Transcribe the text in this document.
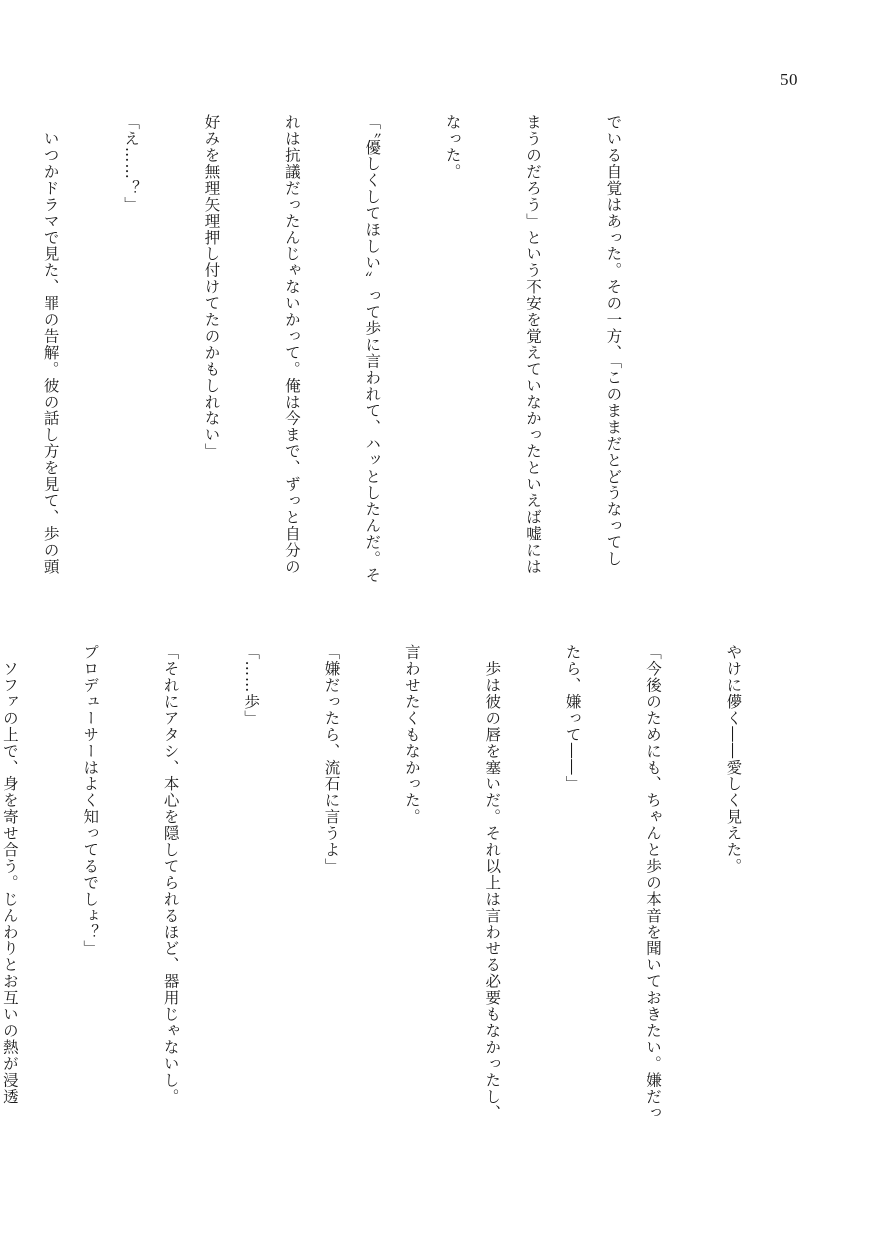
50

でいる自覚はあった。その一方、「このままだとどうなってし

まうのだろう」という不安を覚えていなかったといえば嘘には

なった。

「〝優しくしてほしい〟って歩に言われて、ハッとしたんだ。そ

れは抗議だったんじゃないかって。俺は今まで、ずっと自分の

好みを無理矢理押し付けてたのかもしれない」

「え……？」

　いつかドラマで見た、罪の告解。彼の話し方を見て、歩の頭

やけに儚く――愛しく見えた。

「今後のためにも、ちゃんと歩の本音を聞いておきたい。嫌だっ

たら、嫌って――」

　歩は彼の唇を塞いだ。それ以上は言わせる必要もなかったし、

言わせたくもなかった。

「嫌だったら、流石に言うよ」

「……歩」

「それにアタシ、本心を隠してられるほど、器用じゃないし。

プロデューサーはよく知ってるでしょ？」

　ソファの上で、身を寄せ合う。じんわりとお互いの熱が浸透
